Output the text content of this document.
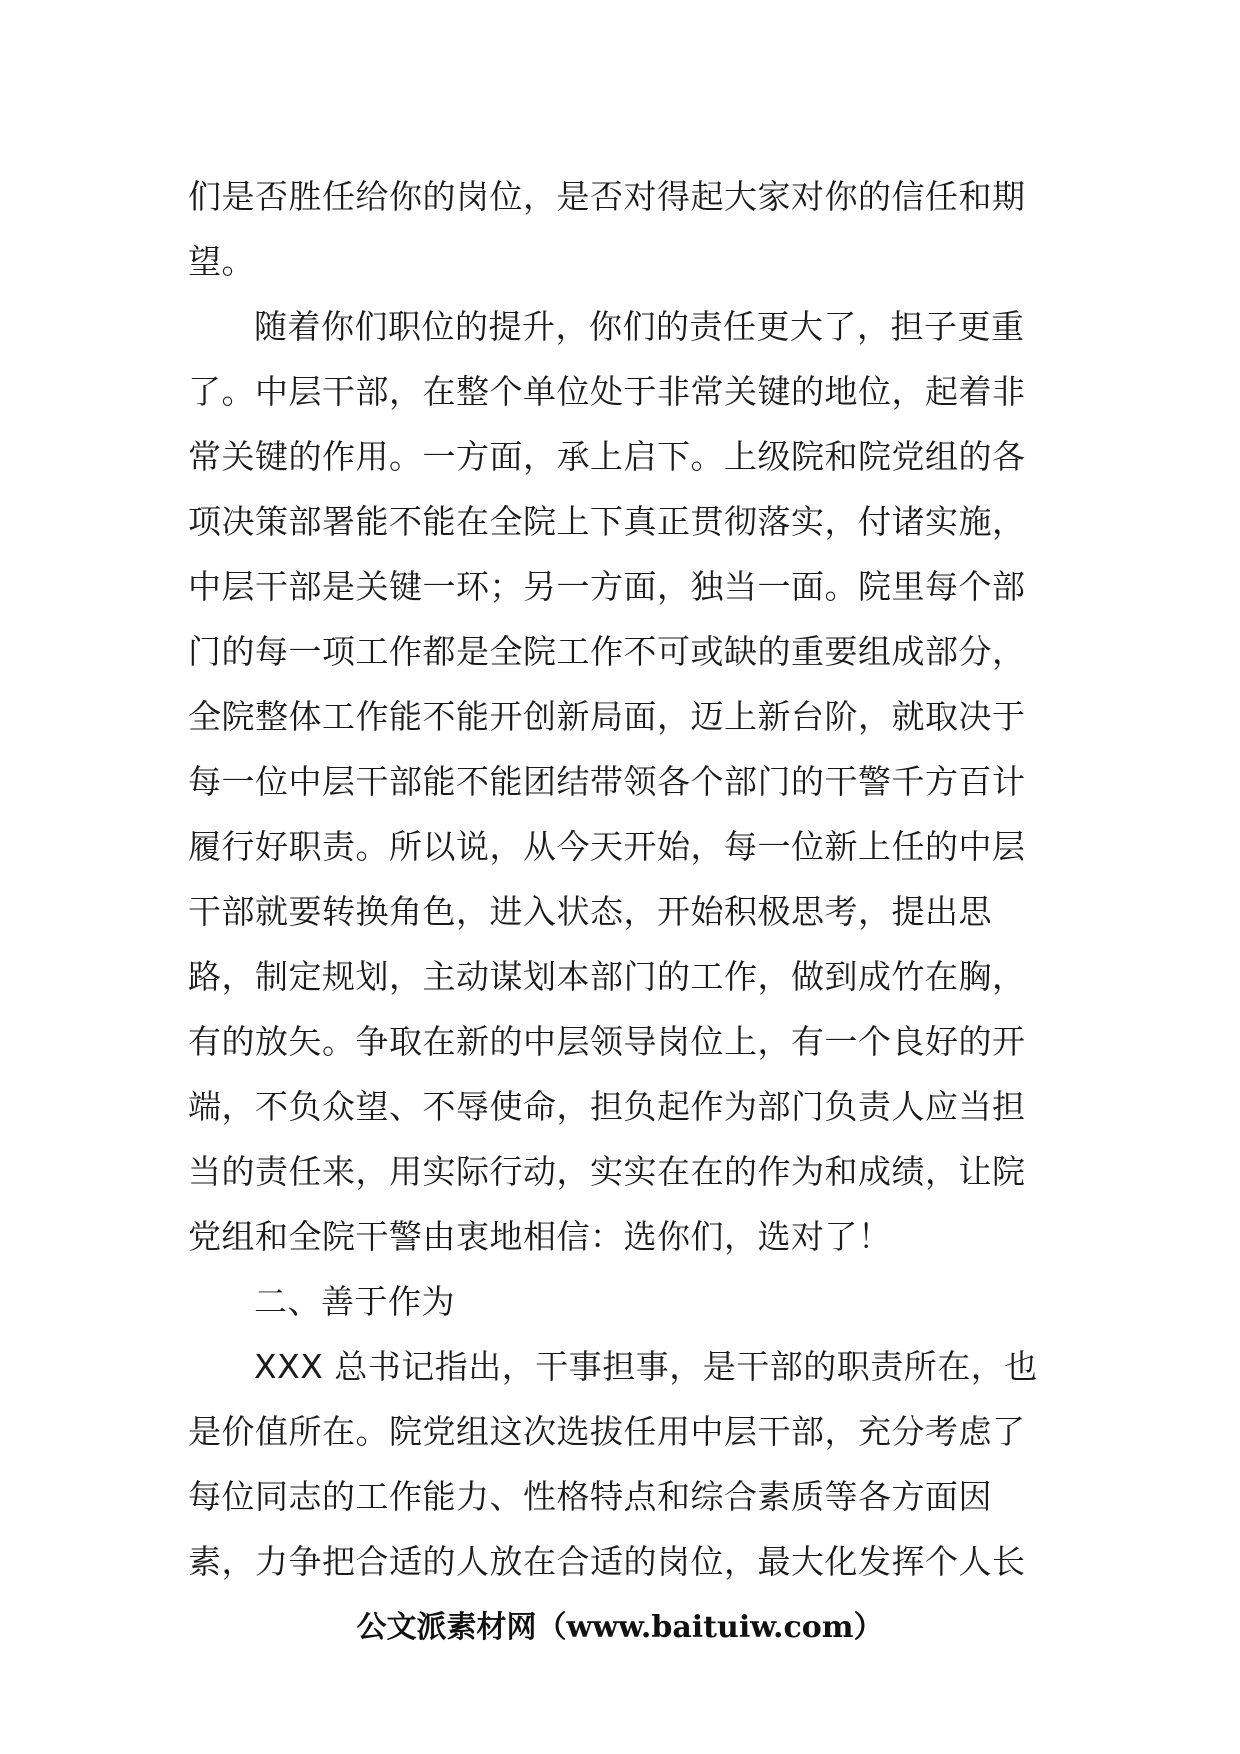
们是否胜任给你的岗位，是否对得起大家对你的信任和期
望。
随着你们职位的提升，你们的责任更大了，担子更重
了。中层干部，在整个单位处于非常关键的地位，起着非
常关键的作用。一方面，承上启下。上级院和院党组的各
项决策部署能不能在全院上下真正贯彻落实，付诸实施，
中层干部是关键一环；另一方面，独当一面。院里每个部
门的每一项工作都是全院工作不可或缺的重要组成部分，
全院整体工作能不能开创新局面，迈上新台阶，就取决于
每一位中层干部能不能团结带领各个部门的干警千方百计
履行好职责。所以说，从今天开始，每一位新上任的中层
干部就要转换角色，进入状态，开始积极思考，提出思
路，制定规划，主动谋划本部门的工作，做到成竹在胸，
有的放矢。争取在新的中层领导岗位上，有一个良好的开
端，不负众望、不辱使命，担负起作为部门负责人应当担
当的责任来，用实际行动，实实在在的作为和成绩，让院
党组和全院干警由衷地相信：选你们，选对了！
二、善于作为
XXX 总书记指出，干事担事，是干部的职责所在，也
是价值所在。院党组这次选拔任用中层干部，充分考虑了
每位同志的工作能力、性格特点和综合素质等各方面因
素，力争把合适的人放在合适的岗位，最大化发挥个人长
公文派素材网（www.baituiw.com）
